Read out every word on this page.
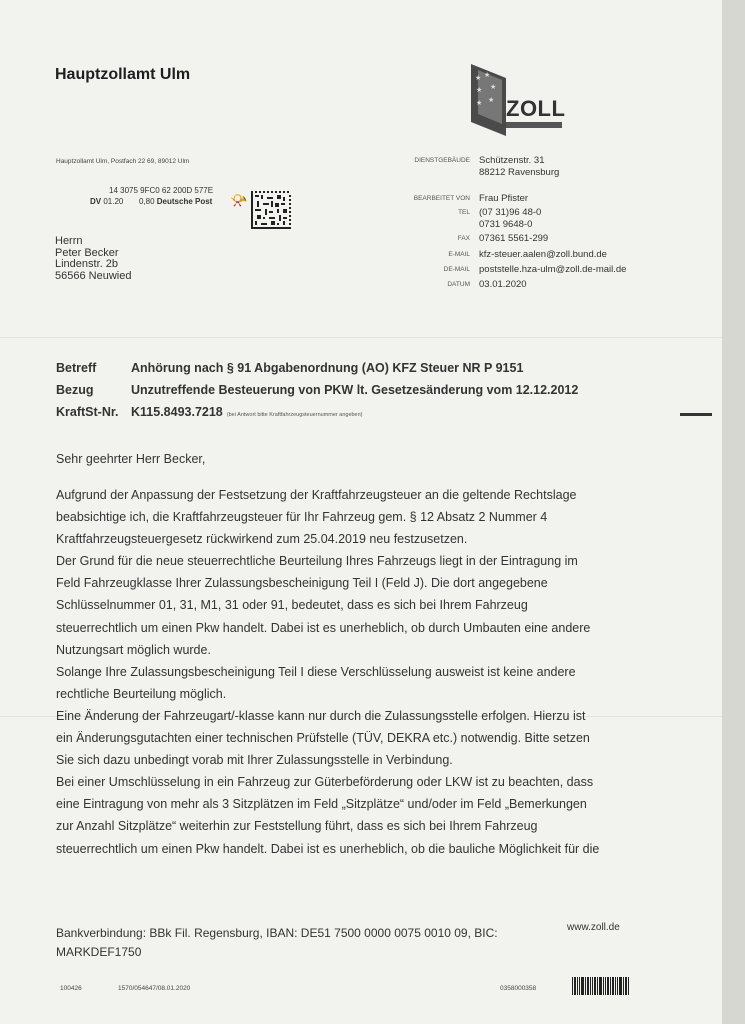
Hauptzollamt Ulm	★ ★
★ ★
★ ★ ZOLL
Hauptzollamt Ulm, Postfach 22 69, 89012 Ulm
14 3075 9FC0 62 200D 577E
DV 01.20 0,80 Deutsche Post 📯
Herrn
Peter Becker
Lindenstr. 2b
56566 Neuwied
DIENSTGEBÄUDE Schützenstr. 31
88212 Ravensburg
BEARBEITET VON Frau Pfister
TEL (07 31)96 48-0
0731 9648-0
FAX 07361 5561-299
E-MAIL kfz-steuer.aalen@zoll.bund.de
DE-MAIL poststelle.hza-ulm@zoll.de-mail.de
DATUM 03.01.2020
Betreff	Anhörung nach § 91 Abgabenordnung (AO) KFZ Steuer NR P 9151
Bezug	Unzutreffende Besteuerung von PKW lt. Gesetzesänderung vom 12.12.2012
KraftSt-Nr. K115.8493.7218 (bei Antwort bitte Kraftfahrzeugsteuernummer angeben)
Sehr geehrter Herr Becker,
Aufgrund der Anpassung der Festsetzung der Kraftfahrzeugsteuer an die geltende Rechtslage
beabsichtige ich, die Kraftfahrzeugsteuer für Ihr Fahrzeug gem. § 12 Absatz 2 Nummer 4
Kraftfahrzeugsteuergesetz rückwirkend zum 25.04.2019 neu festzusetzen.
Der Grund für die neue steuerrechtliche Beurteilung Ihres Fahrzeugs liegt in der Eintragung im
Feld Fahrzeugklasse Ihrer Zulassungsbescheinigung Teil I (Feld J). Die dort angegebene
Schlüsselnummer 01, 31, M1, 31 oder 91, bedeutet, dass es sich bei Ihrem Fahrzeug
steuerrechtlich um einen Pkw handelt. Dabei ist es unerheblich, ob durch Umbauten eine andere
Nutzungsart möglich wurde.
Solange Ihre Zulassungsbescheinigung Teil I diese Verschlüsselung ausweist ist keine andere
rechtliche Beurteilung möglich.
Eine Änderung der Fahrzeugart/-klasse kann nur durch die Zulassungsstelle erfolgen. Hierzu ist
ein Änderungsgutachten einer technischen Prüfstelle (TÜV, DEKRA etc.) notwendig. Bitte setzen
Sie sich dazu unbedingt vorab mit Ihrer Zulassungsstelle in Verbindung.
Bei einer Umschlüsselung in ein Fahrzeug zur Güterbeförderung oder LKW ist zu beachten, dass
eine Eintragung von mehr als 3 Sitzplätzen im Feld „Sitzplätze“ und/oder im Feld „Bemerkungen
zur Anzahl Sitzplätze“ weiterhin zur Feststellung führt, dass es sich bei Ihrem Fahrzeug
steuerrechtlich um einen Pkw handelt. Dabei ist es unerheblich, ob die bauliche Möglichkeit für die
Bankverbindung: BBk Fil. Regensburg, IBAN: DE51 7500 0000 0075 0010 09, BIC: MARKDEF1750
www.zoll.de
100426	1570/054647/08.01.2020	0358000358
